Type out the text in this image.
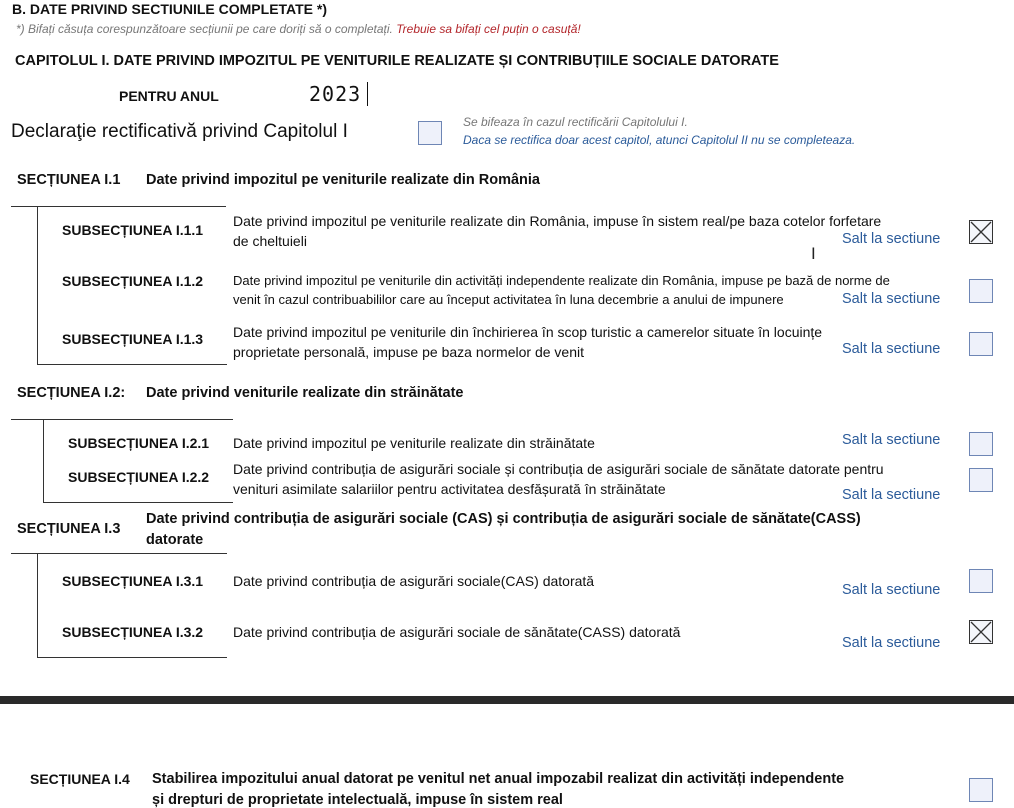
B. DATE PRIVIND SECTIUNILE COMPLETATE *)
*) Bifați căsuța corespunzătoare secțiunii pe care doriți să o completați. Trebuie sa bifați cel puțin o casuță!
CAPITOLUL I. DATE PRIVIND IMPOZITUL PE VENITURILE REALIZATE ȘI CONTRIBUȚIILE SOCIALE DATORATE
PENTRU ANUL	2023
Declaraţie rectificativă privind Capitolul I	Se bifeaza în cazul rectificării Capitolului I.
Daca se rectifica doar acest capitol, atunci Capitolul II nu se completeaza.
SECȚIUNEA I.1 Date privind impozitul pe veniturile realizate din România
SUBSECȚIUNEA I.1.1
Date privind impozitul pe veniturile realizate din România, impuse în sistem real/pe baza cotelor forfetare
de cheltuieli	Salt la sectiune
SUBSECȚIUNEA I.1.2 Date privind impozitul pe veniturile din activități independente realizate din România, impuse pe bază de norme de
venit în cazul contribuabililor care au început activitatea în luna decembrie a anului de impunere	Salt la sectiune
SUBSECȚIUNEA I.1.3 Date privind impozitul pe veniturile din închirierea în scop turistic a camerelor situate în locuințe
proprietate personală, impuse pe baza normelor de venit	Salt la sectiune
SECȚIUNEA I.2: Date privind veniturile realizate din străinătate
SUBSECȚIUNEA I.2.1 Date privind impozitul pe veniturile realizate din străinătate	Salt la sectiune
SUBSECȚIUNEA I.2.2 Date privind contribuția de asigurări sociale și contribuția de asigurări sociale de sănătate datorate pentru
venituri asimilate salariilor pentru activitatea desfășurată în străinătate	Salt la sectiune
SECȚIUNEA I.3
Date privind contribuția de asigurări sociale (CAS) și contribuția de asigurări sociale de sănătate(CASS)
datorate
SUBSECȚIUNEA I.3.1 Date privind contribuția de asigurări sociale(CAS) datorată
Salt la sectiune
SUBSECȚIUNEA I.3.2 Date privind contribuția de asigurări sociale de sănătate(CASS) datorată
Salt la sectiune
SECȚIUNEA I.4 Stabilirea impozitului anual datorat pe venitul net anual impozabil realizat din activități independente
și drepturi de proprietate intelectuală, impuse în sistem real
I
